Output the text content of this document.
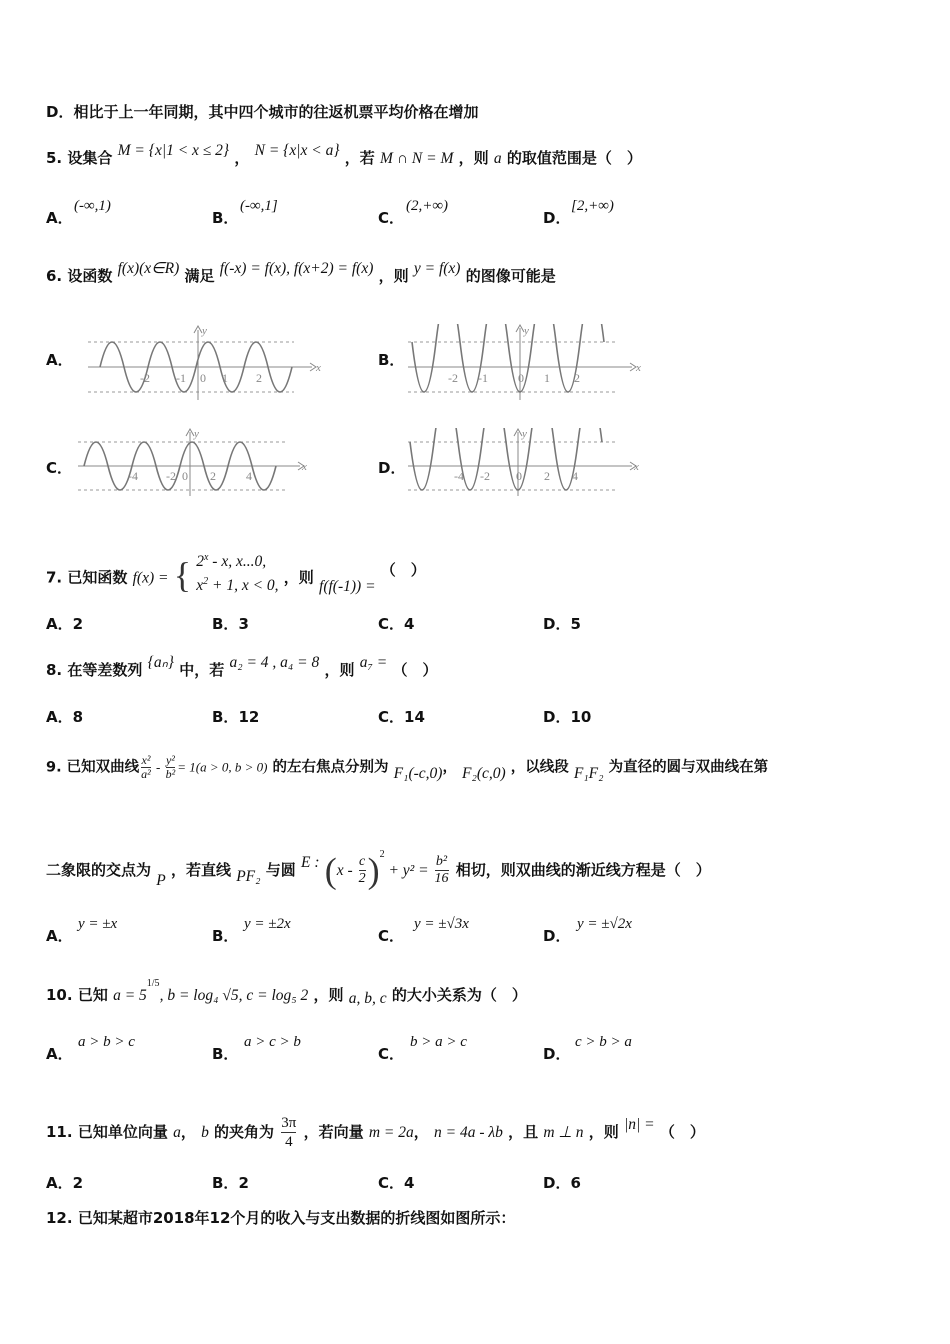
D．相比于上一年同期，其中四个城市的往返机票平均价格在增加
5. 设集合 M = {x|1 < x ≤ 2} ， N = {x|x < a} ，若 M ∩ N = M ，则 a 的取值范围是（　）
A．
(-∞,1)
B．
(-∞,1]
C．
(2,+∞)
D．
[2,+∞)
6. 设函数 f(x)(x∈R) 满足 f(-x) = f(x), f(x+2) = f(x) ，则 y = f(x) 的图像可能是
A．	B．
C．	D．
x
y
-2 -1 0 1 2
x
y
-2 -1	0 1 2
x
y
-4 -2 0 2	4
x
y
-4 -2 0 2 4
7. 已知函数 f(x) = { 2$^x$ - x, x...0,
$x^2 + 1$, x < 0, ，则 f(f(-1)) = （　）
A．2	B．3	C．4	D．5
8. 在等差数列 {aₙ} 中，若 a₂ = 4 , a₄ = 8 ，则 a₇ = （　）
A．8	B．12	C．14	D．10
9. 已知双曲线 $\frac{\text{x²}}{\text{a²}} - \frac{\text{y²}}{\text{b²}} = 1(a > 0$, b > 0) 的左右焦点分别为 F₁(-c,0)， F₂(c,0) ，以线段 F₁F₂ 为直径的圆与双曲线在第
二象限的交点为 P ，若直线 PF₂ 与圆 E : $(x - \frac{c}{2} )^2 + y^2 = \frac{\text{b²}}{16}$ 相切，则双曲线的渐近线方程是（　）
A．
y = ±x
B．
y = ±2x
C．
y = ±√3x
D．
y = ±√2x
10. 已知 $a = 5^{1/5}$, b = log₄ √5, c = log₅ 2 ，则 a, b, c 的大小关系为（　）
A．
a > b > c
B．
a > c > b
C．
b > a > c
D．
c > b > a
11. 已知单位向量 a， b 的夹角为 $\frac{3\pi}{4}$ ，若向量 m = 2a， n = 4a - λb ，且 m ⊥ n ，则 |n| = （　）
A．2	B．2	C．4	D．6
12. 已知某超市2018年12个月的收入与支出数据的折线图如图所示：
